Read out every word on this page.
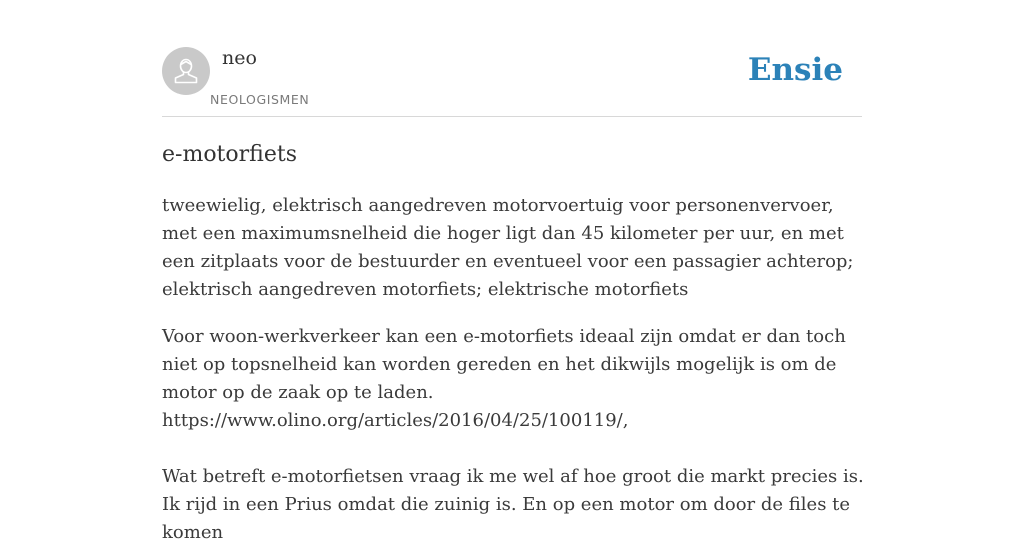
neo
NEOLOGISMEN
Ensie
e-motorfiets

tweewielig, elektrisch aangedreven motorvoertuig voor personenvervoer, met een maximumsnelheid die hoger ligt dan 45 kilometer per uur, en met een zitplaats voor de bestuurder en eventueel voor een passagier achterop; elektrisch aangedreven motorfiets; elektrische motorfiets

Voor woon-werkverkeer kan een e-motorfiets ideaal zijn omdat er dan toch niet op topsnelheid kan worden gereden en het dikwijls mogelijk is om de motor op de zaak op te laden.
https://www.olino.org/articles/2016/04/25/100119/,
Wat betreft e-motorfietsen vraag ik me wel af hoe groot die markt precies is. Ik rijd in een Prius omdat die zuinig is. En op een motor om door de files te komen
